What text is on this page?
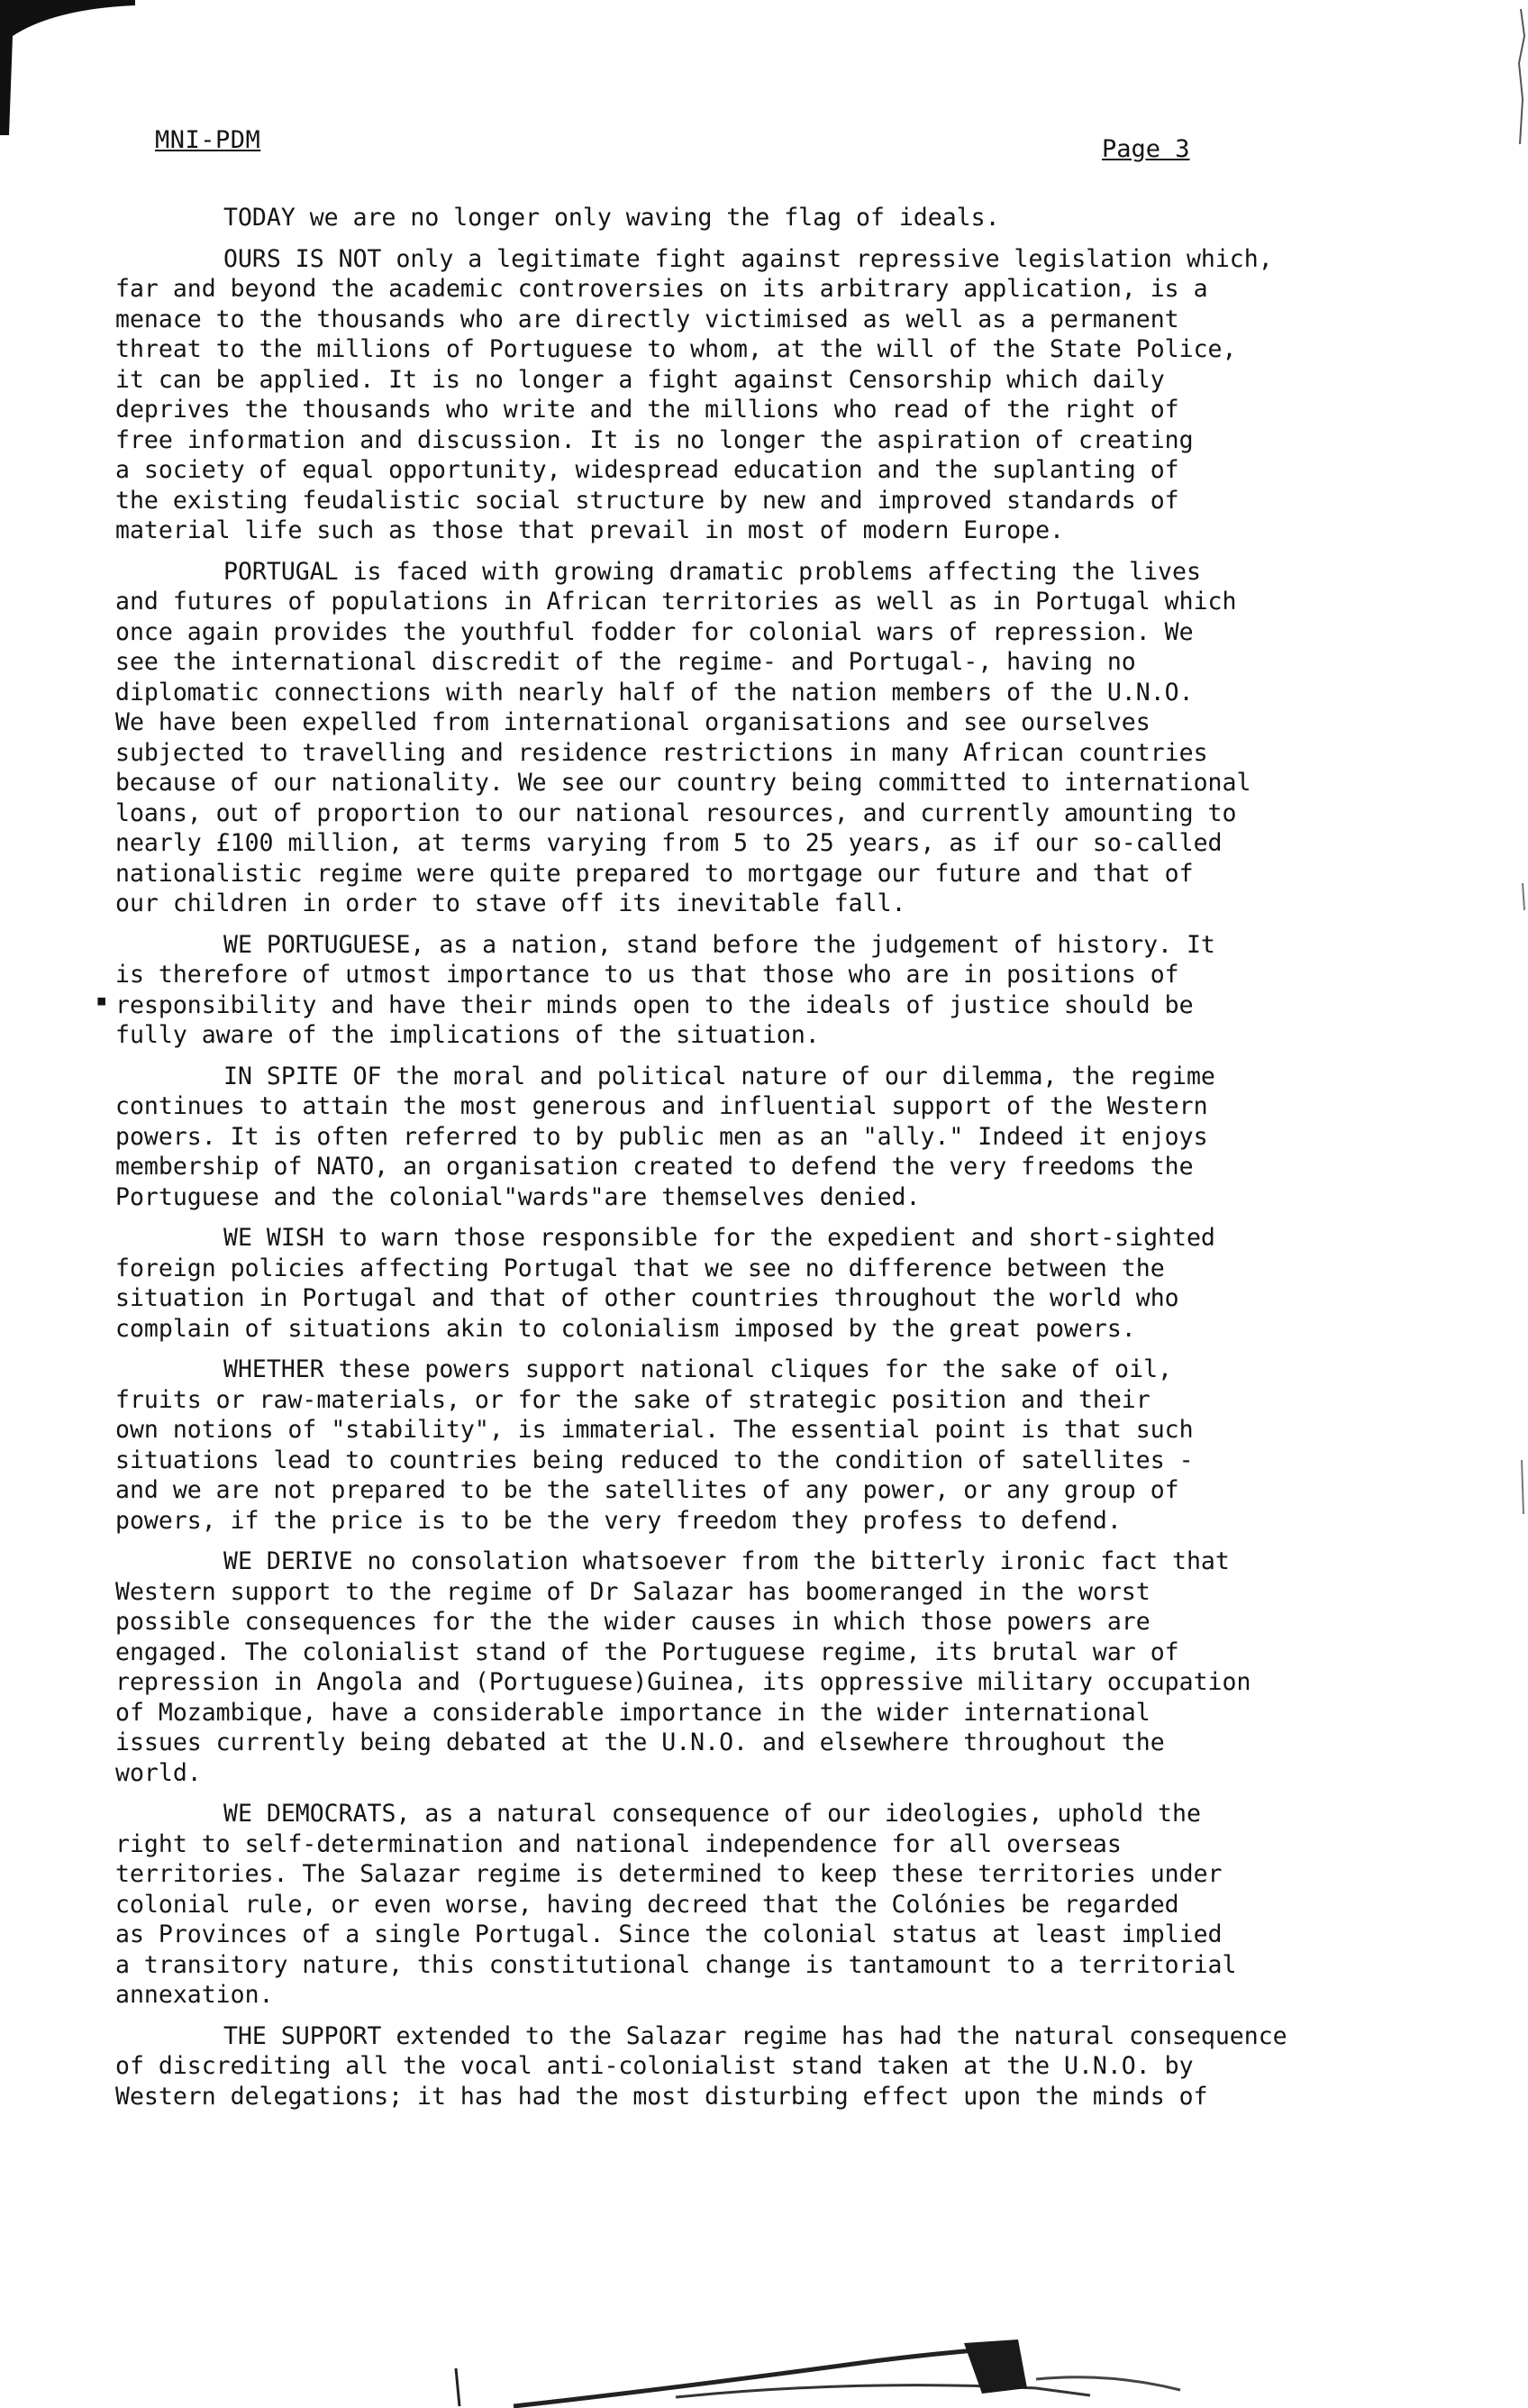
MNI-PDM	Page 3
▪
TODAY we are no longer only waving the flag of ideals.
OURS IS NOT only a legitimate fight against repressive legislation which,
far and beyond the academic controversies on its arbitrary application, is a
menace to the thousands who are directly victimised as well as a permanent
threat to the millions of Portuguese to whom, at the will of the State Police,
it can be applied. It is no longer a fight against Censorship which daily
deprives the thousands who write and the millions who read of the right of
free information and discussion. It is no longer the aspiration of creating
a society of equal opportunity, widespread education and the suplanting of
the existing feudalistic social structure by new and improved standards of
material life such as those that prevail in most of modern Europe.
PORTUGAL is faced with growing dramatic problems affecting the lives
and futures of populations in African territories as well as in Portugal which
once again provides the youthful fodder for colonial wars of repression. We
see the international discredit of the regime- and Portugal-, having no
diplomatic connections with nearly half of the nation members of the U.N.O.
We have been expelled from international organisations and see ourselves
subjected to travelling and residence restrictions in many African countries
because of our nationality. We see our country being committed to international
loans, out of proportion to our national resources, and currently amounting to
nearly £100 million, at terms varying from 5 to 25 years, as if our so-called
nationalistic regime were quite prepared to mortgage our future and that of
our children in order to stave off its inevitable fall.
WE PORTUGUESE, as a nation, stand before the judgement of history. It
is therefore of utmost importance to us that those who are in positions of
responsibility and have their minds open to the ideals of justice should be
fully aware of the implications of the situation.
IN SPITE OF the moral and political nature of our dilemma, the regime
continues to attain the most generous and influential support of the Western
powers. It is often referred to by public men as an "ally." Indeed it enjoys
membership of NATO, an organisation created to defend the very freedoms the
Portuguese and the colonial"wards"are themselves denied.
WE WISH to warn those responsible for the expedient and short-sighted
foreign policies affecting Portugal that we see no difference between the
situation in Portugal and that of other countries throughout the world who
complain of situations akin to colonialism imposed by the great powers.
WHETHER these powers support national cliques for the sake of oil,
fruits or raw-materials, or for the sake of strategic position and their
own notions of "stability", is immaterial. The essential point is that such
situations lead to countries being reduced to the condition of satellites -
and we are not prepared to be the satellites of any power, or any group of
powers, if the price is to be the very freedom they profess to defend.
WE DERIVE no consolation whatsoever from the bitterly ironic fact that
Western support to the regime of Dr Salazar has boomeranged in the worst
possible consequences for the the wider causes in which those powers are
engaged. The colonialist stand of the Portuguese regime, its brutal war of
repression in Angola and (Portuguese)Guinea, its oppressive military occupation
of Mozambique, have a considerable importance in the wider international
issues currently being debated at the U.N.O. and elsewhere throughout the
world.
WE DEMOCRATS, as a natural consequence of our ideologies, uphold the
right to self-determination and national independence for all overseas
territories. The Salazar regime is determined to keep these territories under
colonial rule, or even worse, having decreed that the Colónies be regarded
as Provinces of a single Portugal. Since the colonial status at least implied
a transitory nature, this constitutional change is tantamount to a territorial
annexation.
THE SUPPORT extended to the Salazar regime has had the natural consequence
of discrediting all the vocal anti-colonialist stand taken at the U.N.O. by
Western delegations; it has had the most disturbing effect upon the minds of
